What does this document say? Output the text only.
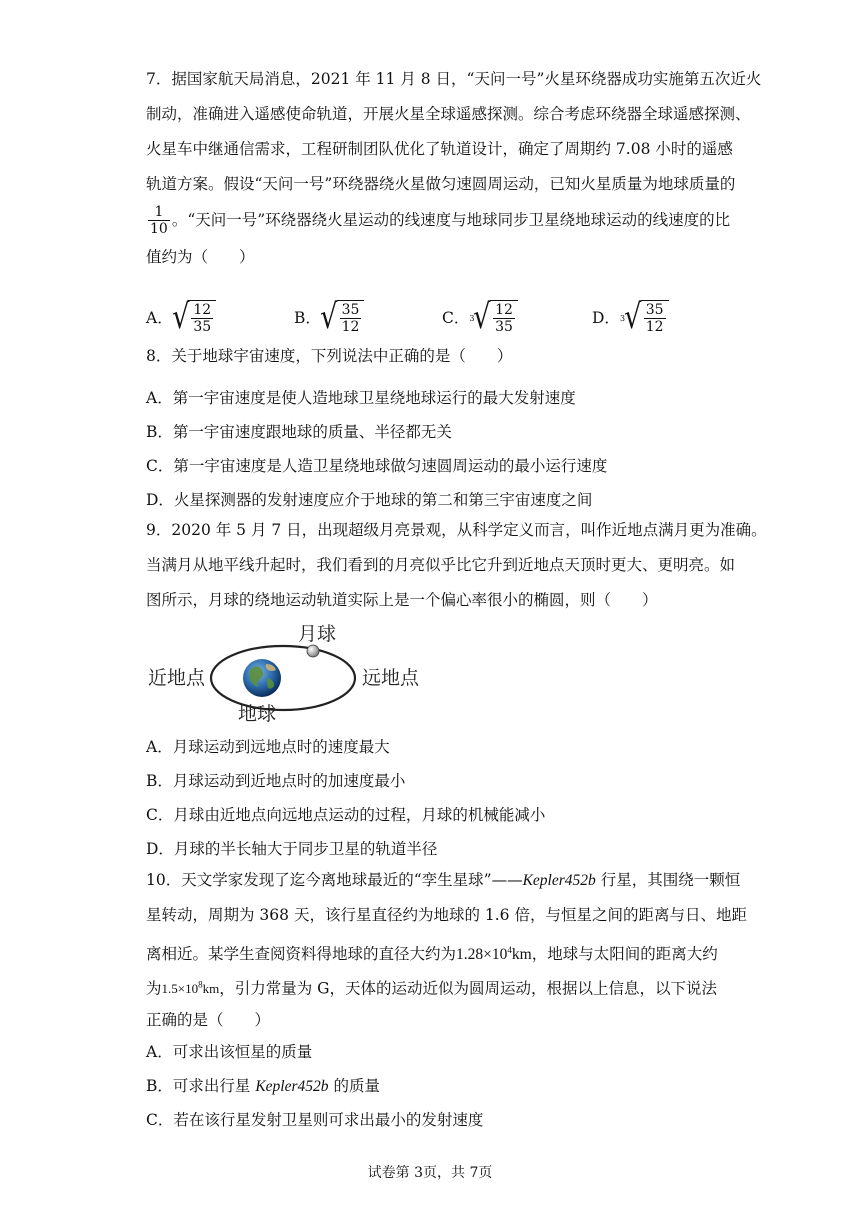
7．据国家航天局消息，2021 年 11 月 8 日，“天问一号”火星环绕器成功实施第五次近火
制动，准确进入遥感使命轨道，开展火星全球遥感探测。综合考虑环绕器全球遥感探测、
火星车中继通信需求，工程研制团队优化了轨道设计，确定了周期约 7.08 小时的遥感
轨道方案。假设“天问一号”环绕器绕火星做匀速圆周运动，已知火星质量为地球质量的
$\frac{1}{10}$ 。“天问一号”环绕器绕火星运动的线速度与地球同步卫星绕地球运动的线速度的比
值约为（　　）
A． √ $\frac{12}{35}$	B． √ $\frac{35}{12}$	C． 3 √ $\frac{12}{35}$	D． 3 √ $\frac{35}{12}$
8．关于地球宇宙速度，下列说法中正确的是（　　）
A．第一宇宙速度是使人造地球卫星绕地球运行的最大发射速度
B．第一宇宙速度跟地球的质量、半径都无关
C．第一宇宙速度是人造卫星绕地球做匀速圆周运动的最小运行速度
D．火星探测器的发射速度应介于地球的第二和第三宇宙速度之间
9．2020 年 5 月 7 日，出现超级月亮景观，从科学定义而言，叫作近地点满月更为准确。
当满月从地平线升起时，我们看到的月亮似乎比它升到近地点天顶时更大、更明亮。如
图所示，月球的绕地运动轨道实际上是一个偏心率很小的椭圆，则（　　）
月球
近地点	远地点
地球
A．月球运动到远地点时的速度最大
B．月球运动到近地点时的加速度最小
C．月球由近地点向远地点运动的过程，月球的机械能减小
D．月球的半长轴大于同步卫星的轨道半径
10．天文学家发现了迄今离地球最近的“孪生星球”——Kepler452b 行星，其围绕一颗恒
星转动，周期为 368 天，该行星直径约为地球的 1.6 倍，与恒星之间的距离与日、地距
离相近。某学生查阅资料得地球的直径大约为$1.28\times 10^4km$，地球与太阳间的距离大约
为$1.5\times 10^8km$，引力常量为 G，天体的运动近似为圆周运动，根据以上信息，以下说法
正确的是（　　）
A．可求出该恒星的质量
B．可求出行星 Kepler452b 的质量
C．若在该行星发射卫星则可求出最小的发射速度
试卷第 3页，共 7页
